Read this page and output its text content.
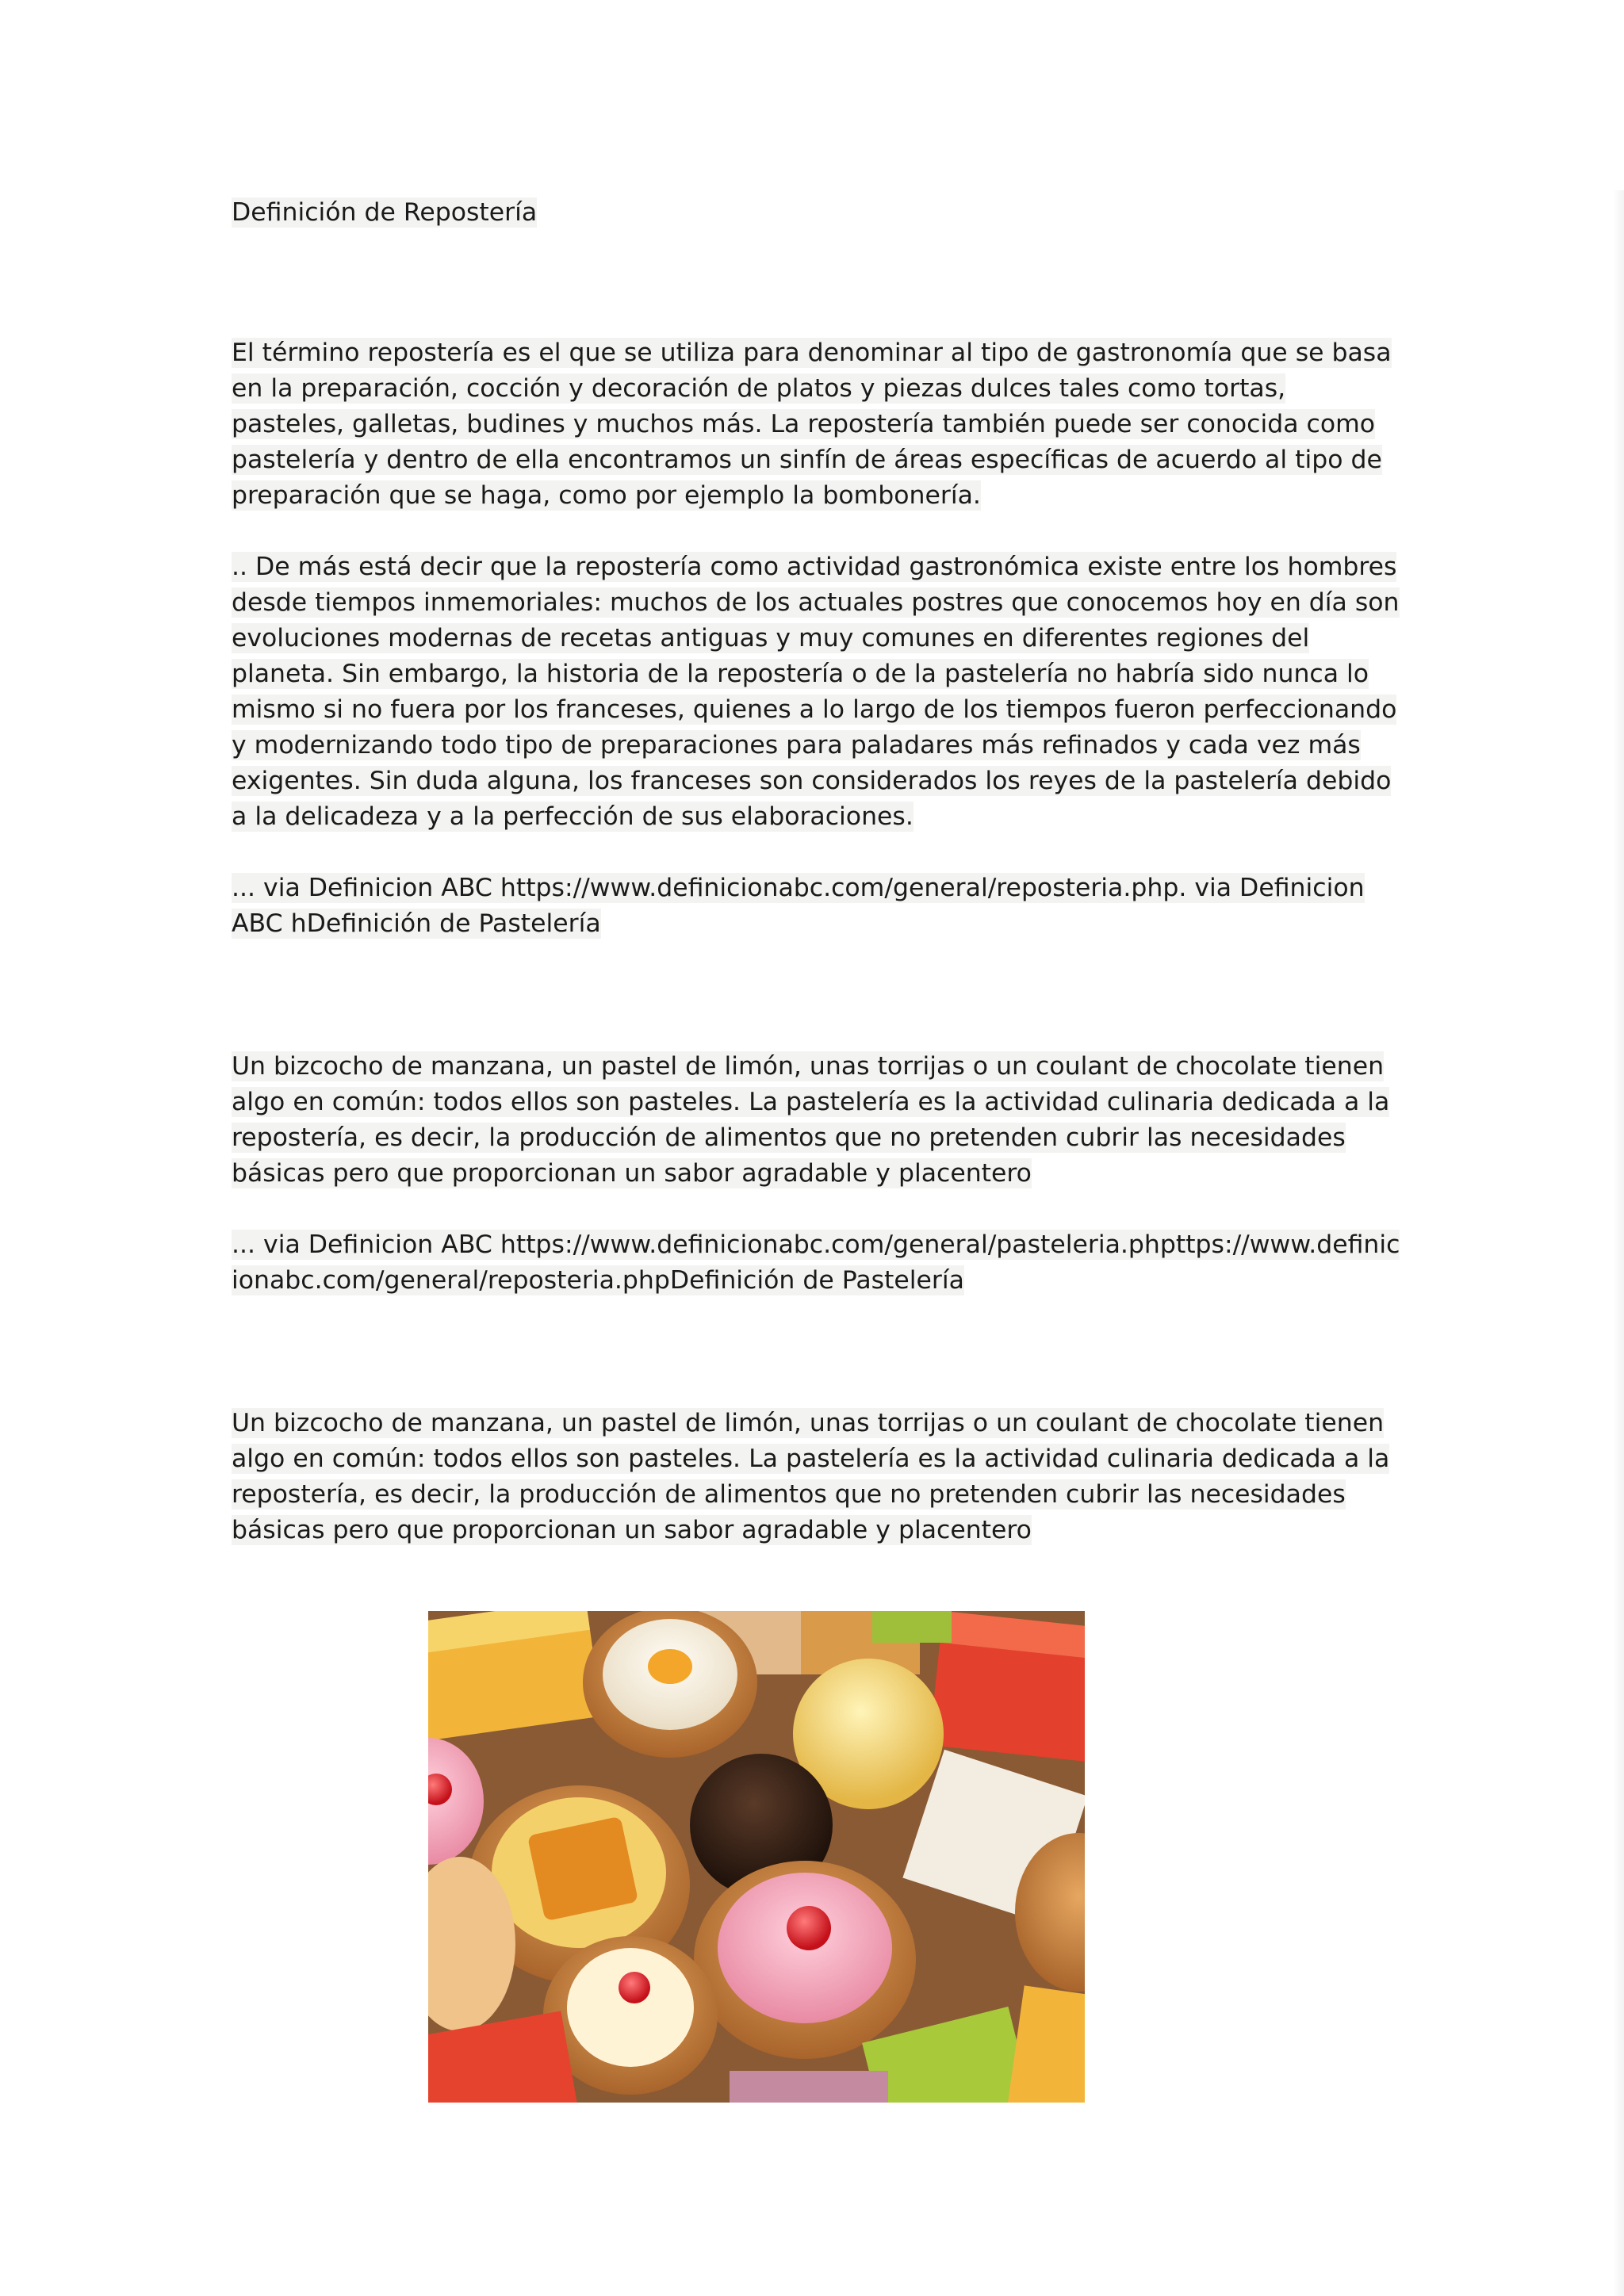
Definición de Repostería

El término repostería es el que se utiliza para denominar al tipo de gastronomía que se basa en la preparación, cocción y decoración de platos y piezas dulces tales como tortas, pasteles, galletas, budines y muchos más. La repostería también puede ser conocida como pastelería y dentro de ella encontramos un sinfín de áreas específicas de acuerdo al tipo de preparación que se haga, como por ejemplo la bombonería.

.. De más está decir que la repostería como actividad gastronómica existe entre los hombres desde tiempos inmemoriales: muchos de los actuales postres que conocemos hoy en día son evoluciones modernas de recetas antiguas y muy comunes en diferentes regiones del planeta. Sin embargo, la historia de la repostería o de la pastelería no habría sido nunca lo mismo si no fuera por los franceses, quienes a lo largo de los tiempos fueron perfeccionando y modernizando todo tipo de preparaciones para paladares más refinados y cada vez más exigentes. Sin duda alguna, los franceses son considerados los reyes de la pastelería debido a la delicadeza y a la perfección de sus elaboraciones.

... via Definicion ABC https://www.definicionabc.com/general/reposteria.php. via Definicion ABC hDefinición de Pastelería

Un bizcocho de manzana, un pastel de limón, unas torrijas o un coulant de chocolate tienen algo en común: todos ellos son pasteles. La pastelería es la actividad culinaria dedicada a la repostería, es decir, la producción de alimentos que no pretenden cubrir las necesidades básicas pero que proporcionan un sabor agradable y placentero

... via Definicion ABC https://www.definicionabc.com/general/pasteleria.phpttps://www.definicionabc.com/general/reposteria.phpDefinición de Pastelería

Un bizcocho de manzana, un pastel de limón, unas torrijas o un coulant de chocolate tienen algo en común: todos ellos son pasteles. La pastelería es la actividad culinaria dedicada a la repostería, es decir, la producción de alimentos que no pretenden cubrir las necesidades básicas pero que proporcionan un sabor agradable y placentero
